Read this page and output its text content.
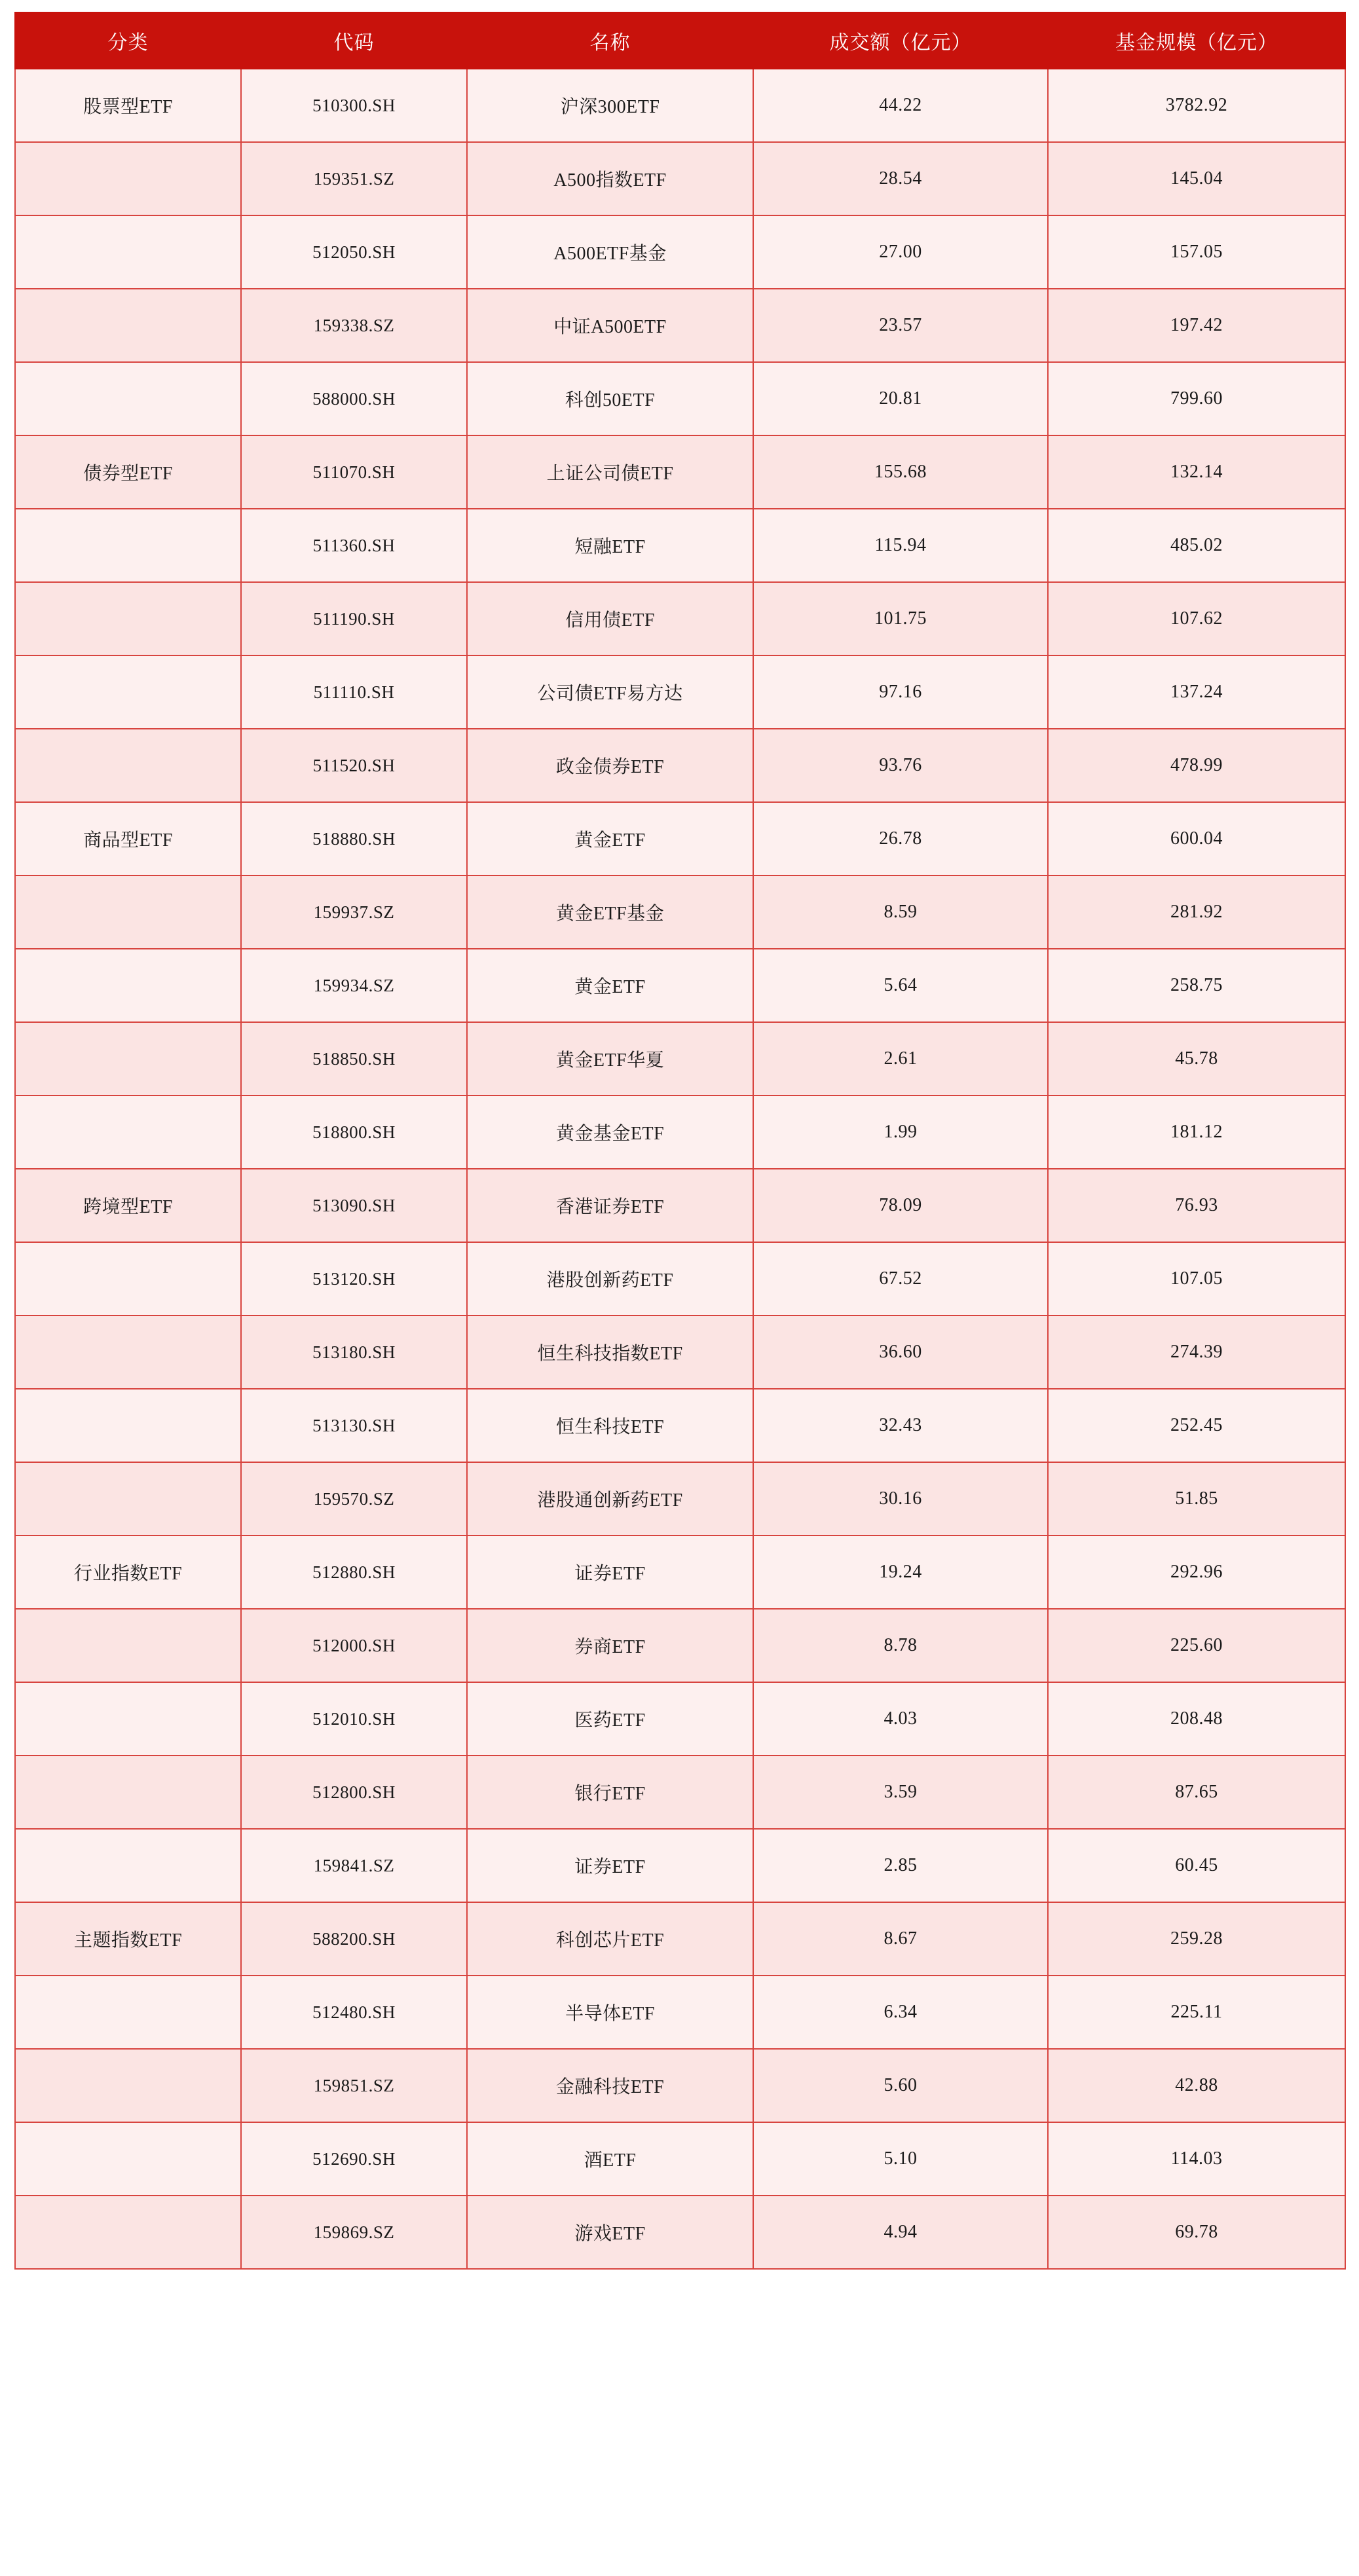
分类	代码	名称	成交额（亿元）	基金规模（亿元）
股票型ETF	510300.SH	沪深300ETF	44.22	3782.92
	159351.SZ	A500指数ETF	28.54	145.04
	512050.SH	A500ETF基金	27.00	157.05
	159338.SZ	中证A500ETF	23.57	197.42
	588000.SH	科创50ETF	20.81	799.60
债券型ETF	511070.SH	上证公司债ETF	155.68	132.14
	511360.SH	短融ETF	115.94	485.02
	511190.SH	信用债ETF	101.75	107.62
	511110.SH	公司债ETF易方达	97.16	137.24
	511520.SH	政金债券ETF	93.76	478.99
商品型ETF	518880.SH	黄金ETF	26.78	600.04
	159937.SZ	黄金ETF基金	8.59	281.92
	159934.SZ	黄金ETF	5.64	258.75
	518850.SH	黄金ETF华夏	2.61	45.78
	518800.SH	黄金基金ETF	1.99	181.12
跨境型ETF	513090.SH	香港证券ETF	78.09	76.93
	513120.SH	港股创新药ETF	67.52	107.05
	513180.SH	恒生科技指数ETF	36.60	274.39
	513130.SH	恒生科技ETF	32.43	252.45
	159570.SZ	港股通创新药ETF	30.16	51.85
行业指数ETF	512880.SH	证券ETF	19.24	292.96
	512000.SH	券商ETF	8.78	225.60
	512010.SH	医药ETF	4.03	208.48
	512800.SH	银行ETF	3.59	87.65
	159841.SZ	证券ETF	2.85	60.45
主题指数ETF	588200.SH	科创芯片ETF	8.67	259.28
	512480.SH	半导体ETF	6.34	225.11
	159851.SZ	金融科技ETF	5.60	42.88
	512690.SH	酒ETF	5.10	114.03
	159869.SZ	游戏ETF	4.94	69.78
